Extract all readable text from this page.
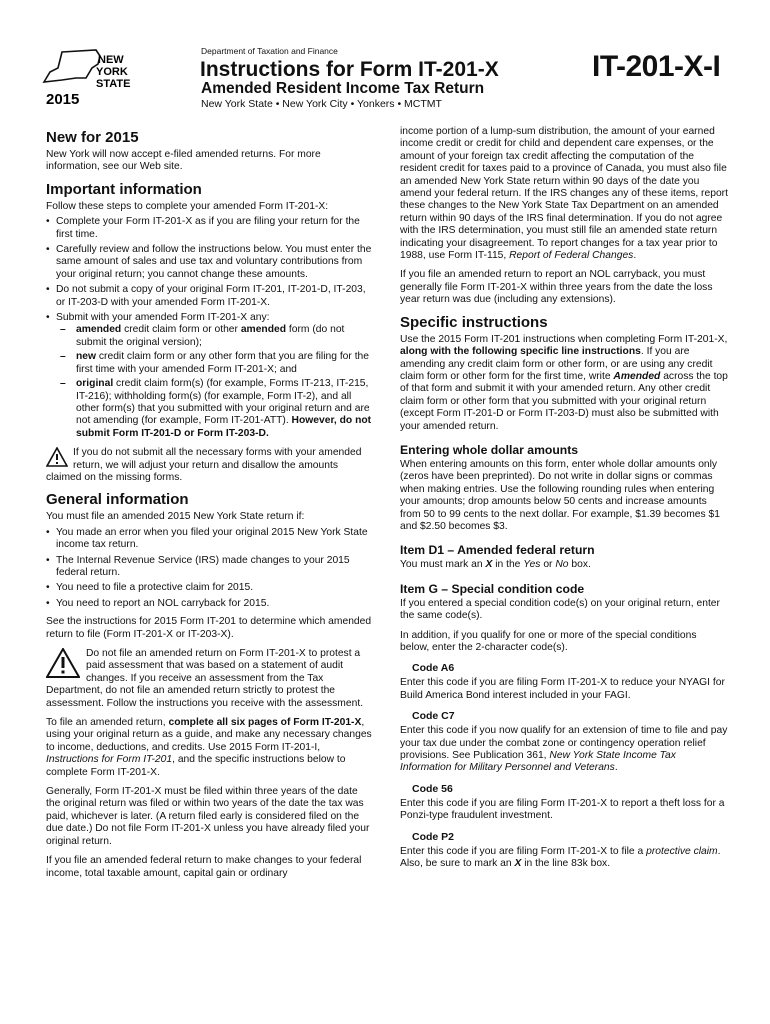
NEW
YORK
STATE
2015
Department of Taxation and Finance
Instructions for Form IT-201-X
Amended Resident Income Tax Return
New York State • New York City • Yonkers • MCTMT
IT-201-X-I
New for 2015

New York will now accept e-filed amended returns. For more information, see our Web site.

Important information

Follow these steps to complete your amended Form IT-201-X:

• Complete your Form IT-201-X as if you are filing your return for the first time.
• Carefully review and follow the instructions below. You must enter the same amount of sales and use tax and voluntary contributions from your original return; you cannot change these amounts.
• Do not submit a copy of your original Form IT-201, IT-201-D, IT-203, or IT-203-D with your amended Form IT-201-X.
• Submit with your amended Form IT-201-X any:
– amended credit claim form or other amended form (do not submit the original version);
– new credit claim form or any other form that you are filing for the first time with your amended Form IT-201-X; and
– original credit claim form(s) (for example, Forms IT-213, IT-215, IT-216); withholding form(s) (for example, Form IT-2), and all other form(s) that you submitted with your original return and are not amending (for example, Form IT-201-ATT). However, do not submit Form IT-201-D or Form IT-203-D.
If you do not submit all the necessary forms with your amended return, we will adjust your return and disallow the amounts claimed on the missing forms.
General information

You must file an amended 2015 New York State return if:

• You made an error when you filed your original 2015 New York State income tax return.
• The Internal Revenue Service (IRS) made changes to your 2015 federal return.
• You need to file a protective claim for 2015.
• You need to report an NOL carryback for 2015.

See the instructions for 2015 Form IT-201 to determine which amended return to file (Form IT-201-X or IT-203-X).

Do not file an amended return on Form IT-201-X to protest a paid assessment that was based on a statement of audit changes. If you receive an assessment from the Tax Department, do not file an amended return strictly to protest the assessment. Follow the instructions you receive with the assessment.

To file an amended return, complete all six pages of Form IT-201-X, using your original return as a guide, and make any necessary changes to income, deductions, and credits. Use 2015 Form IT-201-I, Instructions for Form IT-201, and the specific instructions below to complete Form IT-201-X.

Generally, Form IT-201-X must be filed within three years of the date the original return was filed or within two years of the date the tax was paid, whichever is later. (A return filed early is considered filed on the due date.) Do not file Form IT-201-X unless you have already filed your original return.

If you file an amended federal return to make changes to your federal income, total taxable amount, capital gain or ordinary

income portion of a lump-sum distribution, the amount of your earned income credit or credit for child and dependent care expenses, or the amount of your foreign tax credit affecting the computation of the resident credit for taxes paid to a province of Canada, you must also file an amended New York State return within 90 days of the date you amend your federal return. If the IRS changes any of these items, report these changes to the New York State Tax Department on an amended return within 90 days of the IRS final determination. If you do not agree with the IRS determination, you must still file an amended state return indicating your disagreement. To report changes for a tax year prior to 1988, use Form IT-115, Report of Federal Changes.

If you file an amended return to report an NOL carryback, you must generally file Form IT-201-X within three years from the date the loss year return was due (including any extensions).

Specific instructions

Use the 2015 Form IT-201 instructions when completing Form IT-201-X, along with the following specific line instructions. If you are amending any credit claim form or other form, or are using any credit claim form or other form for the first time, write Amended across the top of that form and submit it with your amended return. Any other credit claim form or other form that you submitted with your original return (except Form IT-201-D or Form IT-203-D) must also be submitted with your amended return.

Entering whole dollar amounts

When entering amounts on this form, enter whole dollar amounts only (zeros have been preprinted). Do not write in dollar signs or commas when making entries. Use the following rounding rules when entering your amounts; drop amounts below 50 cents and increase amounts from 50 to 99 cents to the next dollar. For example, $1.39 becomes $1 and $2.50 becomes $3.

Item D1 – Amended federal return

You must mark an X in the Yes or No box.

Item G – Special condition code

If you entered a special condition code(s) on your original return, enter the same code(s).

In addition, if you qualify for one or more of the special conditions below, enter the 2-character code(s).

Code A6

Enter this code if you are filing Form IT-201-X to reduce your NYAGI for Build America Bond interest included in your FAGI.

Code C7

Enter this code if you now qualify for an extension of time to file and pay your tax due under the combat zone or contingency operation relief provisions. See Publication 361, New York State Income Tax Information for Military Personnel and Veterans.

Code 56

Enter this code if you are filing Form IT-201-X to report a theft loss for a Ponzi-type fraudulent investment.

Code P2

Enter this code if you are filing Form IT-201-X to file a protective claim. Also, be sure to mark an X in the line 83k box.
